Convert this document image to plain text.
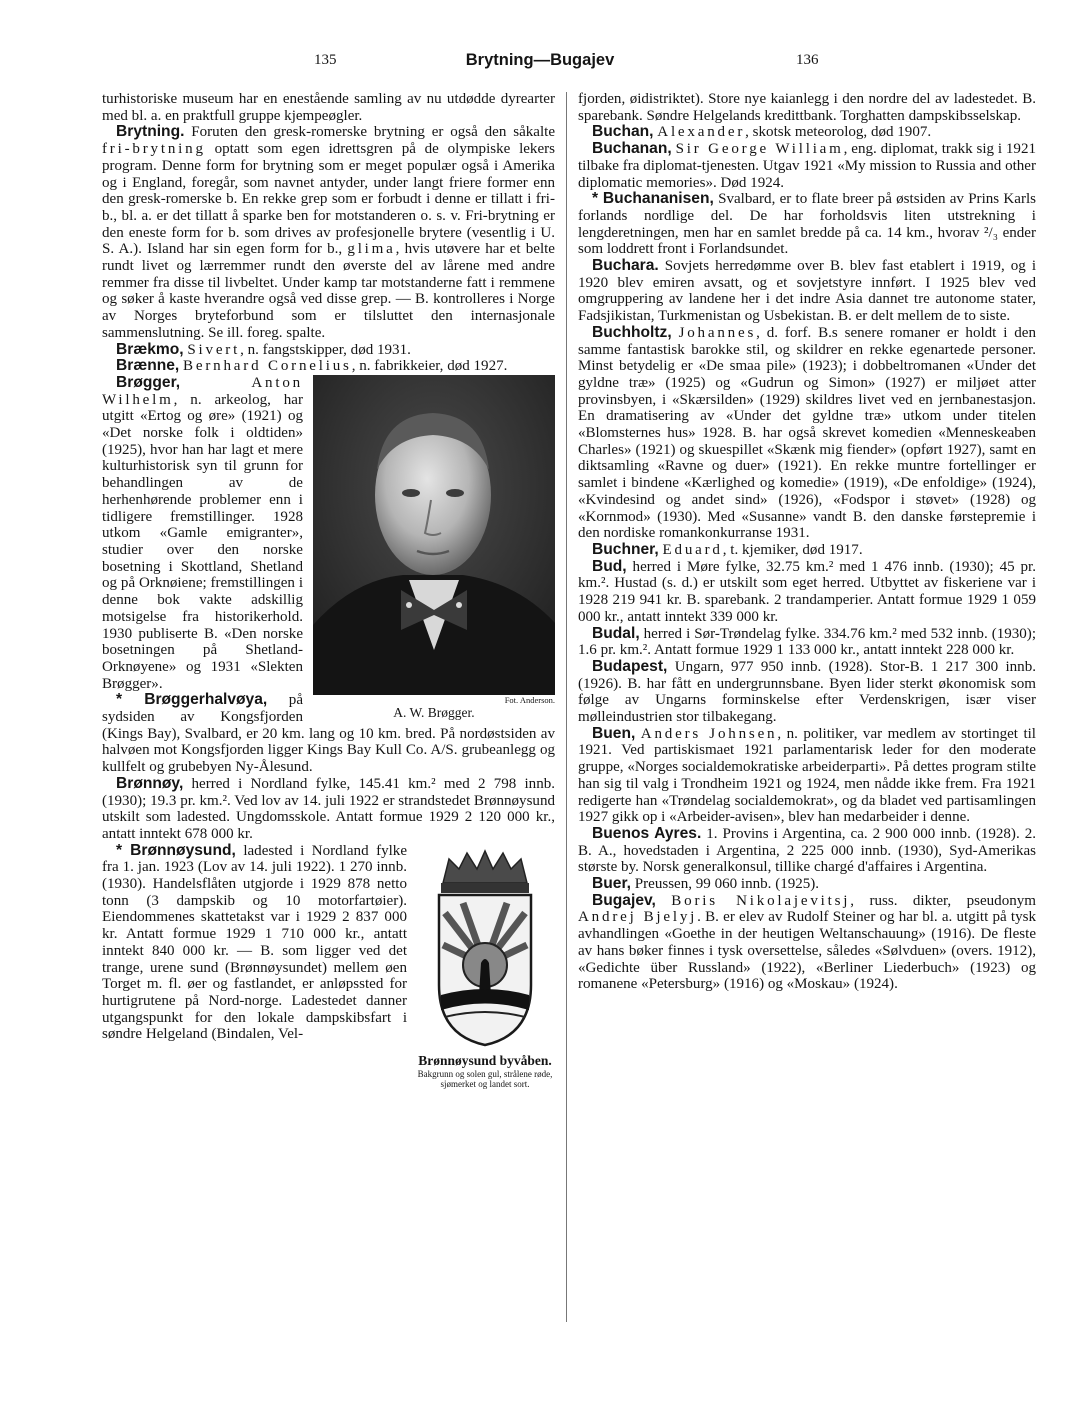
135	Brytning—Bugajev	136

turhistoriske museum har en enestående samling av nu utdødde dyrearter med bl. a. en praktfull gruppe kjempeøgler.

Brytning. Foruten den gresk-romerske brytning er også den såkalte fri-brytning optatt som egen idrettsgren på de olympiske lekers program. Denne form for brytning som er meget populær også i Amerika og i England, foregår, som navnet antyder, under langt friere former enn den gresk-romerske b. En rekke grep som er forbudt i denne er tillatt i fri-b., bl. a. er det tillatt å sparke ben for motstanderen o. s. v. Fri-brytning er den eneste form for b. som drives av profesjonelle brytere (vesentlig i U. S. A.). Island har sin egen form for b., glima, hvis utøvere har et belte rundt livet og lærremmer rundt den øverste del av lårene med andre remmer fra disse til livbeltet. Under kamp tar motstanderne fatt i remmene og søker å kaste hverandre også ved disse grep. — B. kontrolleres i Norge av Norges bryteforbund som er tilsluttet den internasjonale sammenslutning. Se ill. foreg. spalte.

Brækmo, Sivert, n. fangstskipper, død 1931.

Brænne, Bernhard Cornelius, n. fabrikkeier, død 1927.

Fot. Anderson.
A. W. Brøgger.

Brøgger,	Anton Wilhelm, n. arkeolog, har utgitt «Ertog og øre» (1921) og «Det norske folk i oldtiden» (1925), hvor han har lagt et mere kulturhistorisk syn til grunn for behandlingen av de herhenhørende problemer enn i tidligere fremstillinger. 1928 utkom «Gamle emigranter», studier over den norske bosetning i Skottland, Shetland og på Orknøiene; fremstillingen i denne bok vakte adskillig motsigelse fra historikerhold. 1930 publiserte B. «Den norske bosetningen på Shetland-Orknøyene» og 1931 «Slekten Brøgger».

* Brøggerhalvøya, på sydsiden av Kongsfjorden (Kings Bay), Svalbard, er 20 km. lang og 10 km. bred. På nordøstsiden av halvøen mot Kongsfjorden ligger Kings Bay Kull Co. A/S. grubeanlegg og kullfelt og grubebyen Ny-Ålesund.

Brønnøy, herred i Nordland fylke, 145.41 km.² med 2 798 innb. (1930); 19.3 pr. km.². Ved lov av 14. juli 1922 er strandstedet Brønnøysund utskilt som ladested. Ungdomsskole. Antatt formue 1929 2 120 000 kr., antatt inntekt 678 000 kr.

Brønnøysund byvåben.
Bakgrunn og solen gul, strålene røde, sjømerket og landet sort.

* Brønnøysund, ladested i Nordland fylke fra 1. jan. 1923 (Lov av 14. juli 1922). 1 270 innb. (1930). Handelsflåten utgjorde i 1929 878 netto tonn (3 dampskib og 10 motorfartøier). Eiendommenes skattetakst var i 1929 2 837 000 kr. Antatt formue 1929 1 710 000 kr., antatt inntekt 840 000 kr. — B. som ligger ved det trange, urene sund (Brønnøysundet) mellem øen Torget m. fl. øer og fastlandet, er anløpssted for hurtigrutene på Nord-norge. Ladestedet danner utgangspunkt for den lokale dampskibsfart i søndre Helgeland (Bindalen, Vel-

fjorden, øidistriktet). Store nye kaianlegg i den nordre del av ladestedet. B. sparebank. Søndre Helgelands kredittbank. Torghatten dampskibsselskap.

Buchan, Alexander, skotsk meteorolog, død 1907.

Buchanan, Sir George William, eng. diplomat, trakk sig i 1921 tilbake fra diplomat-tjenesten. Utgav 1921 «My mission to Russia and other diplomatic memories». Død 1924.

* Buchananisen, Svalbard, er to flate breer på østsiden av Prins Karls forlands nordlige del. De har forholdsvis liten utstrekning i lengderetningen, men har en samlet bredde på ca. 14 km., hvorav ²/₃ ender som loddrett front i Forlandsundet.

Buchara. Sovjets herredømme over B. blev fast etablert i 1919, og i 1920 blev emiren avsatt, og et sovjetstyre innført. I 1925 blev ved omgruppering av landene her i det indre Asia dannet tre autonome stater, Fadsjikistan, Turkmenistan og Usbekistan. B. er delt mellem de to siste.

Buchholtz, Johannes, d. forf. B.s senere romaner er holdt i den samme fantastisk barokke stil, og skildrer en rekke egenartede personer. Minst betydelig er «De smaa pile» (1923); i dobbeltromanen «Under det gyldne træ» (1925) og «Gudrun og Simon» (1927) er miljøet atter provinsbyen, i «Skærsilden» (1929) skildres livet ved en jernbanestasjon. En dramatisering av «Under det gyldne træ» utkom under titelen «Blomsternes hus» 1928. B. har også skrevet komedien «Menneskeaben Charles» (1921) og skuespillet «Skænk mig fiender» (opført 1927), samt en diktsamling «Ravne og duer» (1921). En rekke muntre fortellinger er samlet i bindene «Kærlighed og komedie» (1919), «De enfoldige» (1924), «Kvindesind og andet sind» (1926), «Fodspor i støvet» (1928) og «Kornmod» (1930). Med «Susanne» vandt B. den danske førstepremie i den nordiske romankonkurranse 1931.

Buchner, Eduard, t. kjemiker, død 1917.

Bud, herred i Møre fylke, 32.75 km.² med 1 476 innb. (1930); 45 pr. km.². Hustad (s. d.) er utskilt som eget herred. Utbyttet av fiskeriene var i 1928 219 941 kr. B. sparebank. 2 trandamperier. Antatt formue 1929 1 059 000 kr., antatt inntekt 339 000 kr.

Budal, herred i Sør-Trøndelag fylke. 334.76 km.² med 532 innb. (1930); 1.6 pr. km.². Antatt formue 1929 1 133 000 kr., antatt inntekt 228 000 kr.

Budapest, Ungarn, 977 950 innb. (1928). Stor-B. 1 217 300 innb. (1926). B. har fått en undergrunnsbane. Byen lider sterkt økonomisk som følge av Ungarns forminskelse efter Verdenskrigen, især viser mølleindustrien stor tilbakegang.

Buen, Anders Johnsen, n. politiker, var medlem av stortinget til 1921. Ved partiskismaet 1921 parlamentarisk leder for den moderate gruppe, «Norges socialdemokratiske arbeiderparti». På dettes program stilte han sig til valg i Trondheim 1921 og 1924, men nådde ikke frem. Fra 1921 redigerte han «Trøndelag socialdemokrat», og da bladet ved partisamlingen 1927 gikk op i «Arbeider-avisen», blev han medarbeider i denne.

Buenos Ayres. 1. Provins i Argentina, ca. 2 900 000 innb. (1928). 2. B. A., hovedstaden i Argentina, 2 225 000 innb. (1930), Syd-Amerikas største by. Norsk generalkonsul, tillike chargé d'affaires i Argentina.

Buer, Preussen, 99 060 innb. (1925).

Bugajev, Boris Nikolajevitsj, russ. dikter, pseudonym Andrej Bjelyj. B. er elev av Rudolf Steiner og har bl. a. utgitt på tysk avhandlingen «Goethe in der heutigen Weltanschauung» (1916). De fleste av hans bøker finnes i tysk oversettelse, således «Sølvduen» (overs. 1912), «Gedichte über Russland» (1922), «Berliner Liederbuch» (1923) og romanene «Petersburg» (1916) og «Moskau» (1924).
